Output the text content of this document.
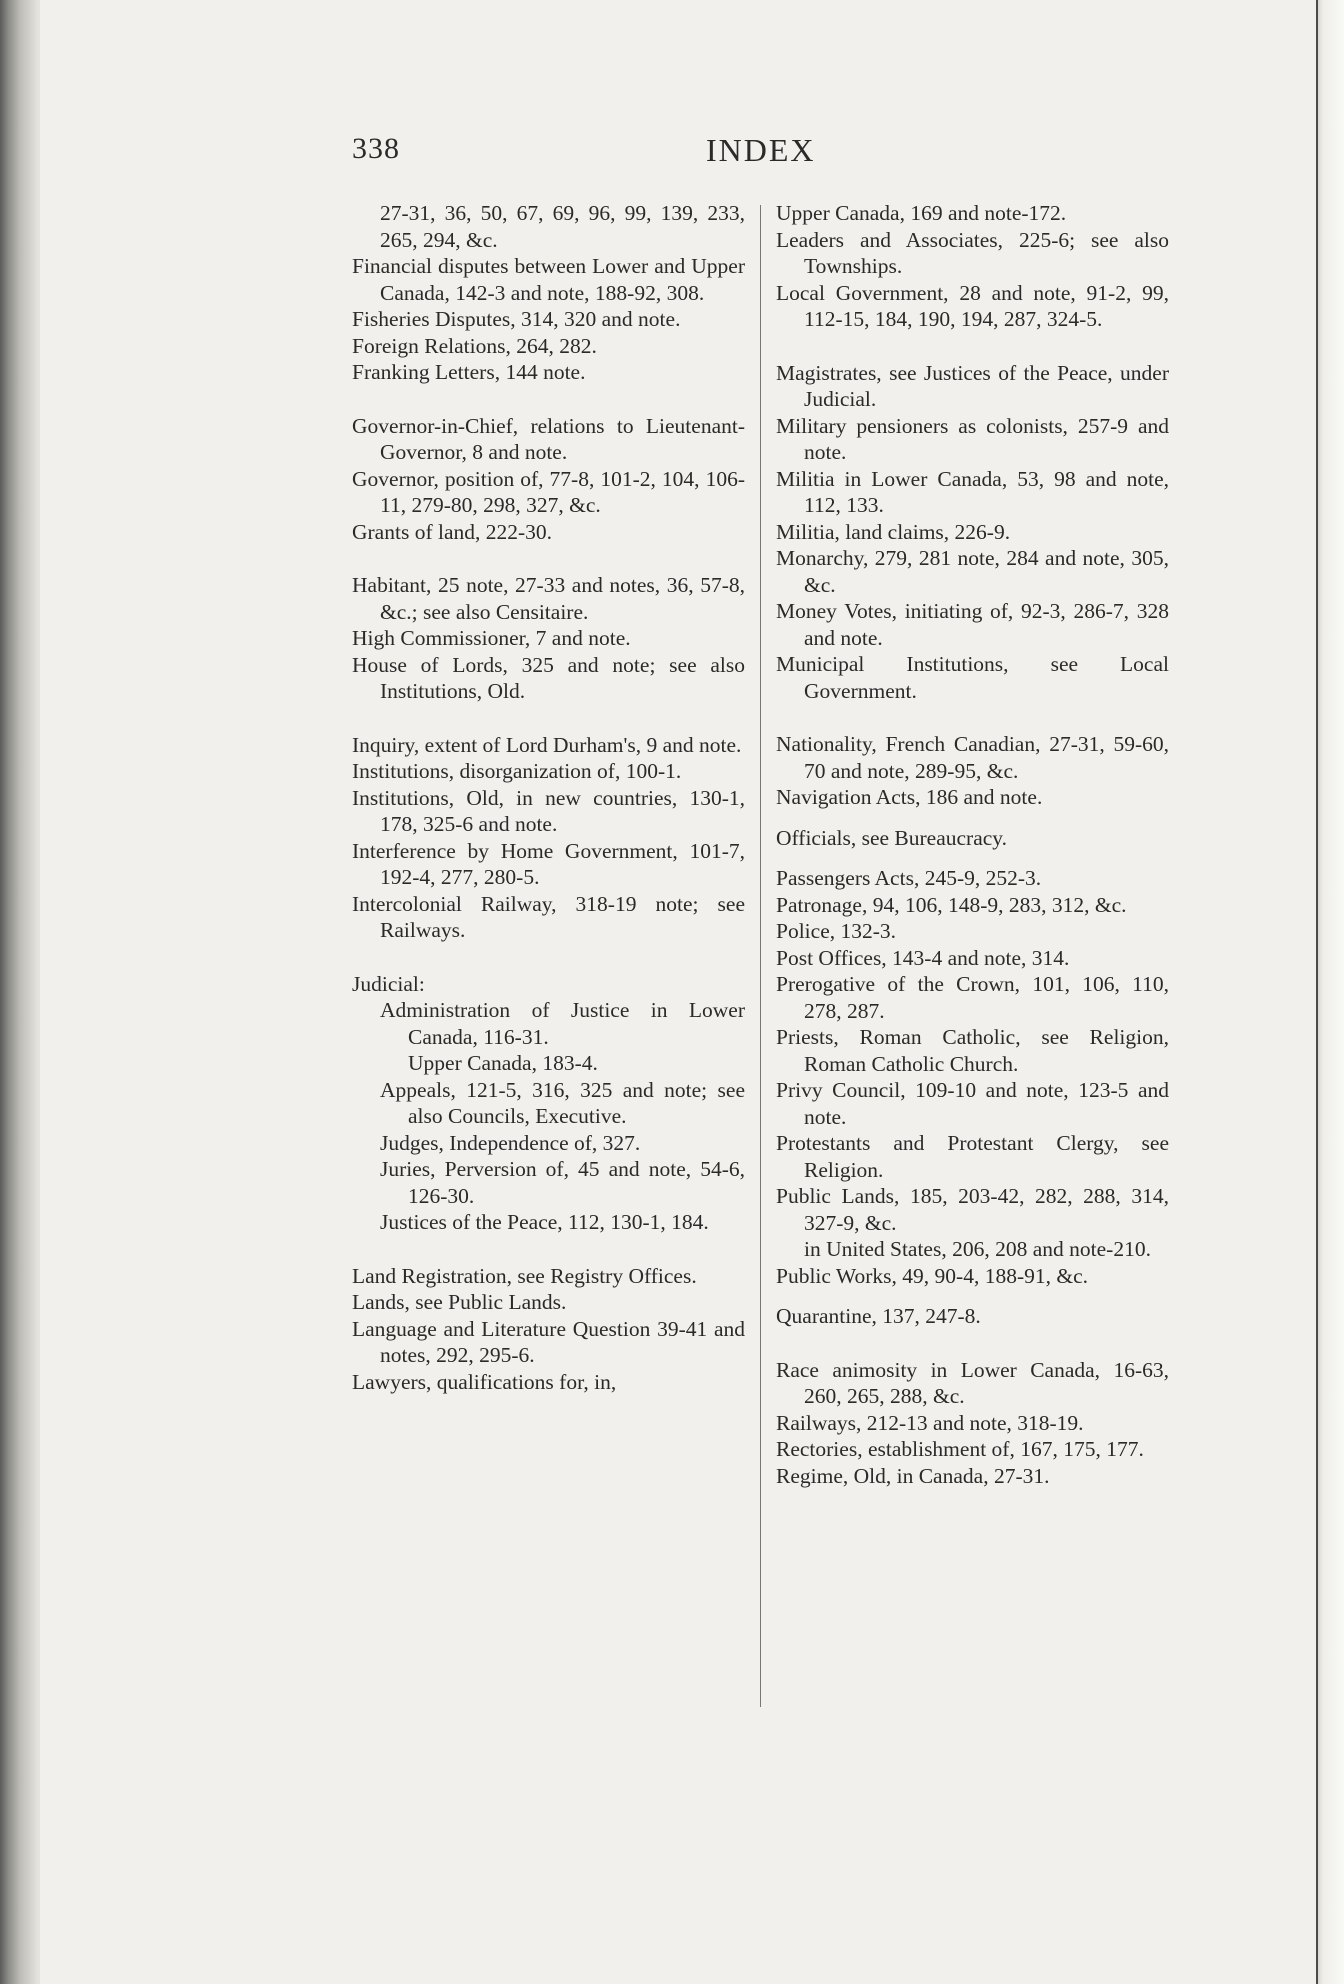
338	INDEX
27-31, 36, 50, 67, 69, 96, 99, 139, 233, 265, 294, &c.
Financial disputes between Lower and Upper Canada, 142-3 and note, 188-92, 308.
Fisheries Disputes, 314, 320 and note.
Foreign Relations, 264, 282.
Franking Letters, 144 note.
Governor-in-Chief, relations to Lieutenant-Governor, 8 and note.
Governor, position of, 77-8, 101-2, 104, 106-11, 279-80, 298, 327, &c.
Grants of land, 222-30.
Habitant, 25 note, 27-33 and notes, 36, 57-8, &c.; see also Censitaire.
High Commissioner, 7 and note.
House of Lords, 325 and note; see also Institutions, Old.
Inquiry, extent of Lord Durham's, 9 and note.
Institutions, disorganization of, 100-1.
Institutions, Old, in new countries, 130-1, 178, 325-6 and note.
Interference by Home Government, 101-7, 192-4, 277, 280-5.
Intercolonial Railway, 318-19 note; see Railways.
Judicial:
Administration of Justice in Lower Canada, 116-31.
Upper Canada, 183-4.
Appeals, 121-5, 316, 325 and note; see also Councils, Executive.
Judges, Independence of, 327.
Juries, Perversion of, 45 and note, 54-6, 126-30.
Justices of the Peace, 112, 130-1, 184.
Land Registration, see Registry Offices.
Lands, see Public Lands.
Language and Literature Question 39-41 and notes, 292, 295-6.
Lawyers, qualifications for, in,
Upper Canada, 169 and note-172.
Leaders and Associates, 225-6; see also Townships.
Local Government, 28 and note, 91-2, 99, 112-15, 184, 190, 194, 287, 324-5.
Magistrates, see Justices of the Peace, under Judicial.
Military pensioners as colonists, 257-9 and note.
Militia in Lower Canada, 53, 98 and note, 112, 133.
Militia, land claims, 226-9.
Monarchy, 279, 281 note, 284 and note, 305, &c.
Money Votes, initiating of, 92-3, 286-7, 328 and note.
Municipal Institutions, see Local Government.
Nationality, French Canadian, 27-31, 59-60, 70 and note, 289-95, &c.
Navigation Acts, 186 and note.
Officials, see Bureaucracy.
Passengers Acts, 245-9, 252-3.
Patronage, 94, 106, 148-9, 283, 312, &c.
Police, 132-3.
Post Offices, 143-4 and note, 314.
Prerogative of the Crown, 101, 106, 110, 278, 287.
Priests, Roman Catholic, see Religion, Roman Catholic Church.
Privy Council, 109-10 and note, 123-5 and note.
Protestants and Protestant Clergy, see Religion.
Public Lands, 185, 203-42, 282, 288, 314, 327-9, &c.
in United States, 206, 208 and note-210.
Public Works, 49, 90-4, 188-91, &c.
Quarantine, 137, 247-8.
Race animosity in Lower Canada, 16-63, 260, 265, 288, &c.
Railways, 212-13 and note, 318-19.
Rectories, establishment of, 167, 175, 177.
Regime, Old, in Canada, 27-31.
